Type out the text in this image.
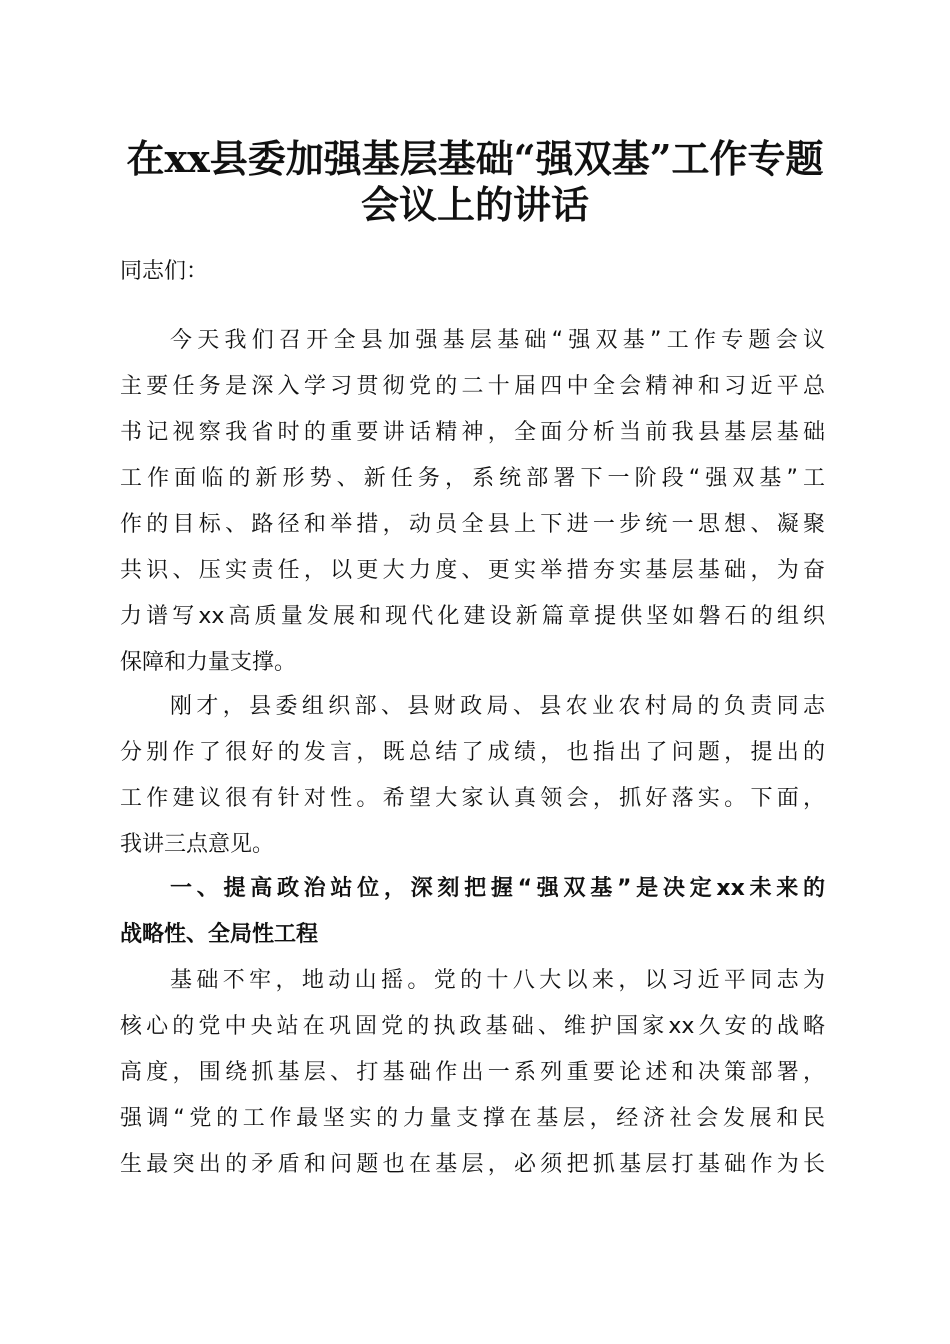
在xx县委加强基层基础“强双基”工作专题
会议上的讲话
同志们：
今天我们召开全县加强基层基础“强双基”工作专题会议
主要任务是深入学习贯彻党的二十届四中全会精神和习近平总
书记视察我省时的重要讲话精神，全面分析当前我县基层基础
工作面临的新形势、新任务，系统部署下一阶段“强双基”工
作的目标、路径和举措，动员全县上下进一步统一思想、凝聚
共识、压实责任，以更大力度、更实举措夯实基层基础，为奋
力谱写xx高质量发展和现代化建设新篇章提供坚如磐石的组织
保障和力量支撑。
刚才，县委组织部、县财政局、县农业农村局的负责同志
分别作了很好的发言，既总结了成绩，也指出了问题，提出的
工作建议很有针对性。希望大家认真领会，抓好落实。下面，
我讲三点意见。
一、提高政治站位，深刻把握“强双基”是决定xx未来的
战略性、全局性工程
基础不牢，地动山摇。党的十八大以来，以习近平同志为
核心的党中央站在巩固党的执政基础、维护国家xx久安的战略
高度，围绕抓基层、打基础作出一系列重要论述和决策部署，
强调“党的工作最坚实的力量支撑在基层，经济社会发展和民
生最突出的矛盾和问题也在基层，必须把抓基层打基础作为长
